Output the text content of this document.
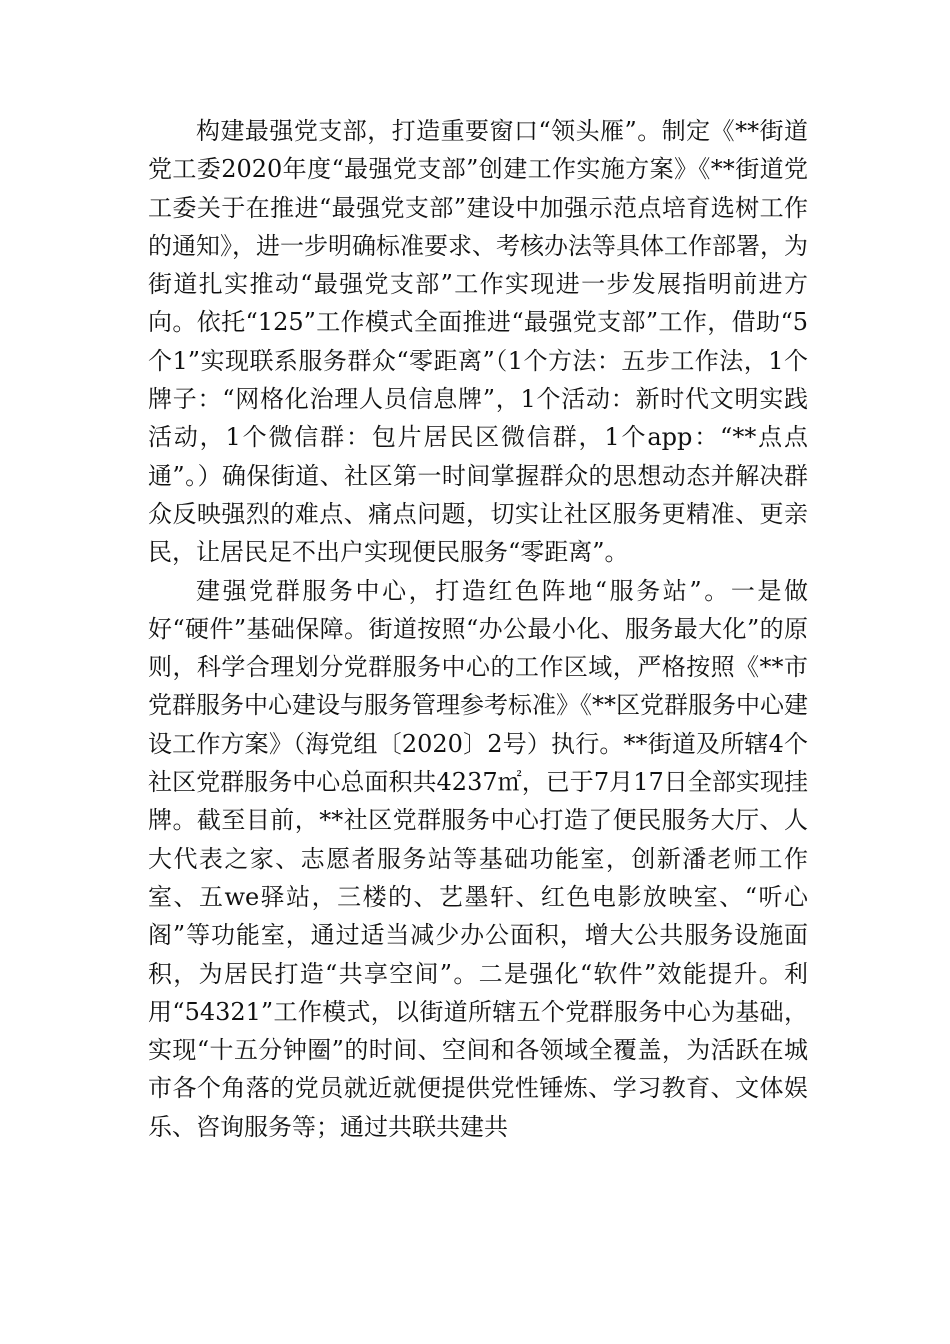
构建最强党支部，打造重要窗口“领头雁”。制定《**街道党工委2020年度“最强党支部”创建工作实施方案》《**街道党工委关于在推进“最强党支部”建设中加强示范点培育选树工作的通知》，进一步明确标准要求、考核办法等具体工作部署，为街道扎实推动“最强党支部”工作实现进一步发展指明前进方向。依托“125”工作模式全面推进“最强党支部”工作，借助“5个1”实现联系服务群众“零距离”（1个方法：五步工作法，1个牌子：“网格化治理人员信息牌”，1个活动：新时代文明实践活动，1个微信群：包片居民区微信群，1个app：“**点点通”。）确保街道、社区第一时间掌握群众的思想动态并解决群众反映强烈的难点、痛点问题，切实让社区服务更精准、更亲民，让居民足不出户实现便民服务“零距离”。

建强党群服务中心，打造红色阵地“服务站”。一是做好“硬件”基础保障。街道按照“办公最小化、服务最大化”的原则，科学合理划分党群服务中心的工作区域，严格按照《**市党群服务中心建设与服务管理参考标准》《**区党群服务中心建设工作方案》（海党组〔2020〕2号）执行。**街道及所辖4个社区党群服务中心总面积共4237㎡，已于7月17日全部实现挂牌。截至目前，**社区党群服务中心打造了便民服务大厅、人大代表之家、志愿者服务站等基础功能室，创新潘老师工作室、五we驿站，三楼的、艺墨轩、红色电影放映室、“听心阁”等功能室，通过适当减少办公面积，增大公共服务设施面积，为居民打造“共享空间”。二是强化“软件”效能提升。利用“54321”工作模式，以街道所辖五个党群服务中心为基础，实现“十五分钟圈”的时间、空间和各领域全覆盖，为活跃在城市各个角落的党员就近就便提供党性锤炼、学习教育、文体娱乐、咨询服务等；通过共联共建共
